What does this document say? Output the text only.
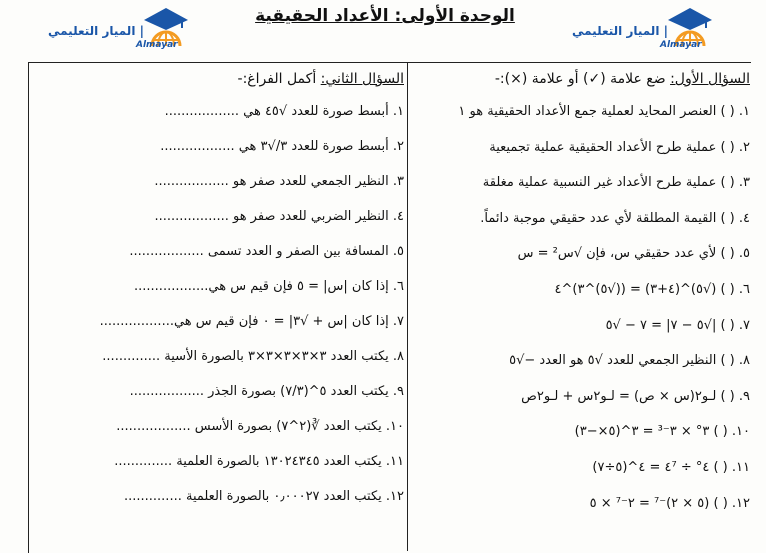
| الميار التعليمي
Almayar
| الميار التعليمي
Almayar
الوحدة الأولى: الأعداد الحقيقية
السؤال الأول: ضع علامة (✓) أو علامة (×):-
١. ( ) العنصر المحايد لعملية جمع الأعداد الحقيقية هو ١
٢. ( ) عملية طرح الأعداد الحقيقية عملية تجميعية
٣. ( ) عملية طرح الأعداد غير النسبية عملية مغلقة
٤. ( ) القيمة المطلقة لأي عدد حقيقي موجبة دائماً.
٥. ( ) لأي عدد حقيقي س، فإن √س² = س
٦. ( ) (√٥)^(٤+٣) = ((√٥)^٣)^٤
٧. ( ) |√٥ − ٧| = ٧ − √٥
٨. ( ) النظير الجمعي للعدد √٥ هو العدد −√٥
٩. ( ) لـو٢(س × ص) = لـو٢س + لـو٢ص
١٠. ( ) ٣° × ٣⁻³ = ٣^(٥×−٣)
١١. ( ) ٤° ÷ ٤⁷ = ٤^(٥÷٧)
١٢. ( ) (٥ × ٢)⁻⁷ = ٢⁻⁷ × ٥
السؤال الثاني: أكمل الفراغ:-
١. أبسط صورة للعدد √٤٥ هي ..................
٢. أبسط صورة للعدد ٣/√٣ هي ..................
٣. النظير الجمعي للعدد صفر هو ..................
٤. النظير الضربي للعدد صفر هو ..................
٥. المسافة بين الصفر و العدد تسمى ..................
٦. إذا كان |س| = ٥ فإن قيم س هي..................
٧. إذا كان |س + √٣| = ٠ فإن قيم س هي..................
٨. يكتب العدد ٣×٣×٣×٣×٣ بالصورة الأسية ..............
٩. يكتب العدد ٥^(٧/٣) بصورة الجذر ..................
١٠. يكتب العدد ∛(٢^٧) بصورة الأسس ..................
١١. يكتب العدد ١٣٠٢٤٣٤٥ بالصورة العلمية ..............
١٢. يكتب العدد ٠٫٠٠٠٢٧ بالصورة العلمية ..............
